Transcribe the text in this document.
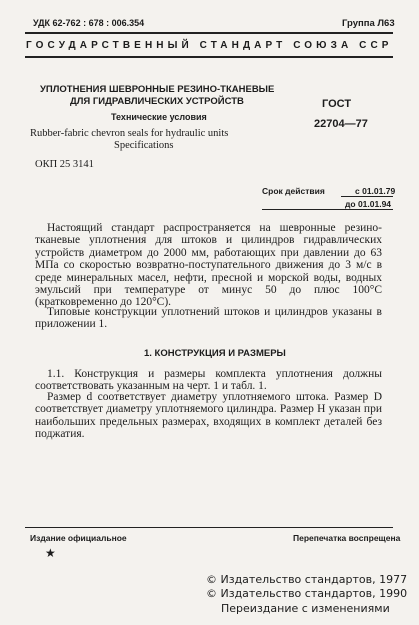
УДК 62-762 : 678 : 006.354	Группа Л63
ГОСУДАРСТВЕННЫЙ СТАНДАРТ СОЮЗА ССР
УПЛОТНЕНИЯ ШЕВРОННЫЕ РЕЗИНО-ТКАНЕВЫЕ
ДЛЯ ГИДРАВЛИЧЕСКИХ УСТРОЙСТВ
Технические условия
Rubber-fabric chevron seals for hydraulic units
Specifications
ОКП 25 3141
ГОСТ
22704—77
Срок действия	с 01.01.79
до 01.01.94
Настоящий стандарт распространяется на шевронные резино-тканевые уплотнения для штоков и цилиндров гидравлических устройств диаметром до 2000 мм, работающих при давлении до 63 МПа со скоростью возвратно-поступательного движения до 3 м/с в среде минеральных масел, нефти, пресной и морской воды, водных эмульсий при температуре от минус 50 до плюс 100°С (кратковременно до 120°С).
Типовые конструкции уплотнений штоков и цилиндров указаны в приложении 1.
1. КОНСТРУКЦИЯ И РАЗМЕРЫ
1.1. Конструкция и размеры комплекта уплотнения должны соответствовать указанным на черт. 1 и табл. 1.
Размер d соответствует диаметру уплотняемого штока. Размер D соответствует диаметру уплотняемого цилиндра. Размер H указан при наибольших предельных размерах, входящих в комплект деталей без поджатия.
Издание официальное
★
Перепечатка воспрещена
© Издательство стандартов, 1977
© Издательство стандартов, 1990
Переиздание с изменениями
